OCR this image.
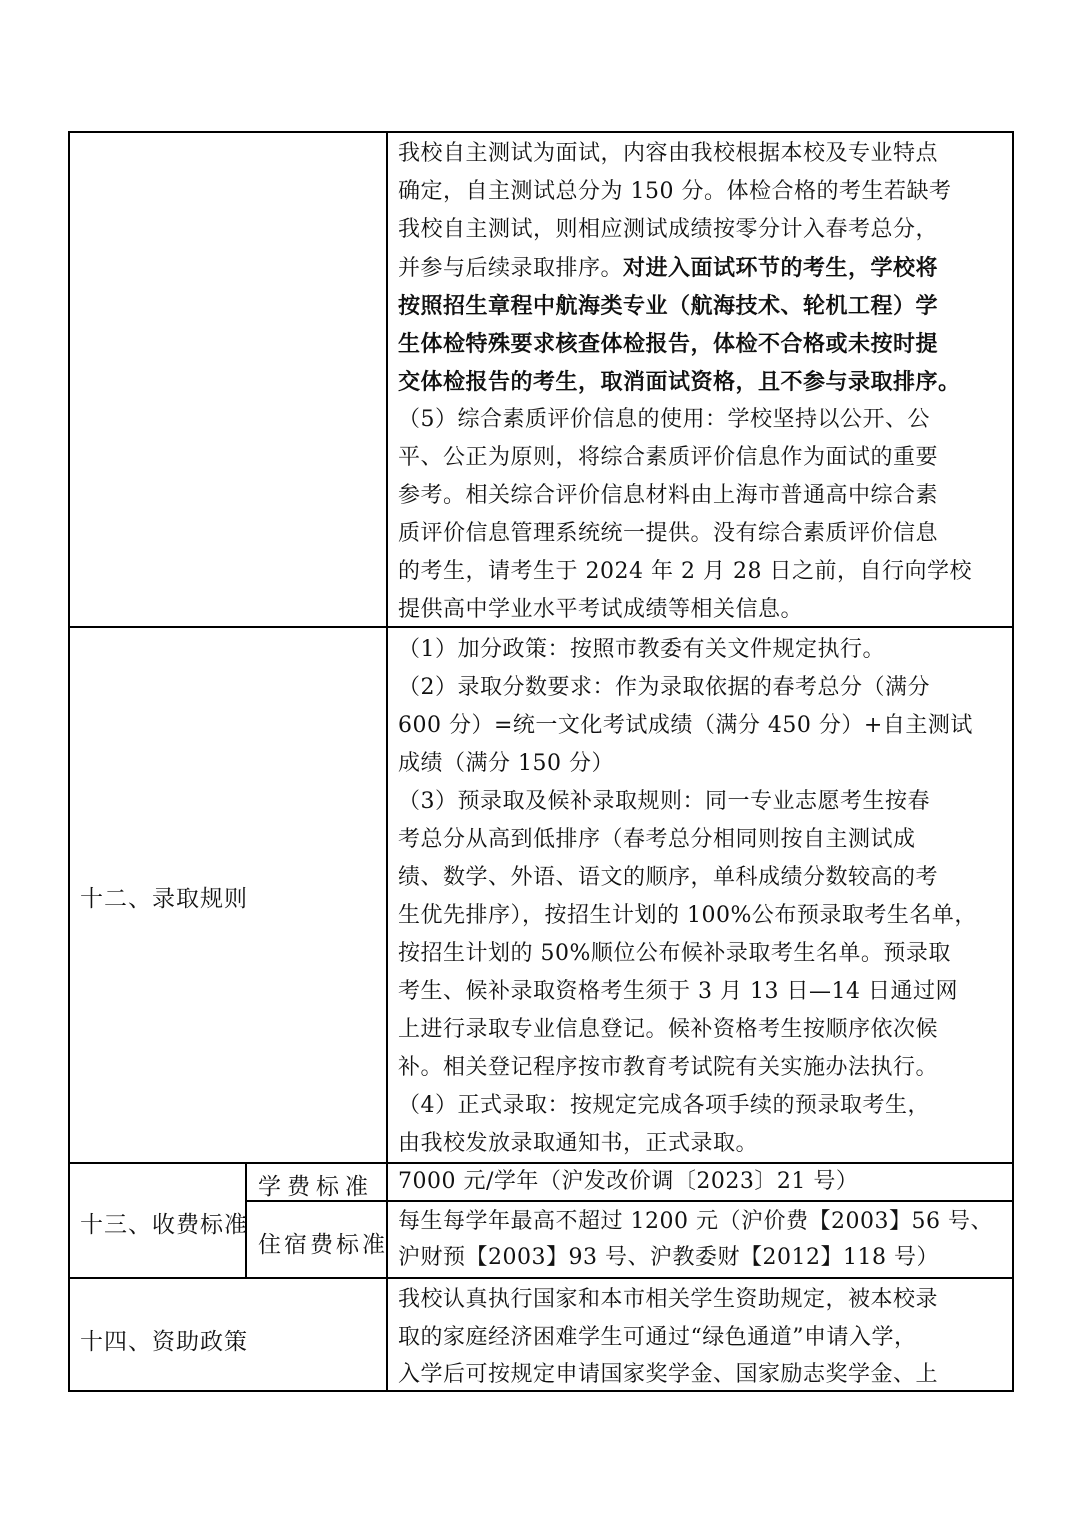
我校自主测试为面试，内容由我校根据本校及专业特点
确定，自主测试总分为 150 分。体检合格的考生若缺考
我校自主测试，则相应测试成绩按零分计入春考总分，
并参与后续录取排序。对进入面试环节的考生，学校将
按照招生章程中航海类专业（航海技术、轮机工程）学
生体检特殊要求核查体检报告，体检不合格或未按时提
交体检报告的考生，取消面试资格，且不参与录取排序。
（5）综合素质评价信息的使用：学校坚持以公开、公
平、公正为原则，将综合素质评价信息作为面试的重要
参考。相关综合评价信息材料由上海市普通高中综合素
质评价信息管理系统统一提供。没有综合素质评价信息
的考生，请考生于 2024 年 2 月 28 日之前，自行向学校
提供高中学业水平考试成绩等相关信息。
十二、录取规则
（1）加分政策：按照市教委有关文件规定执行。
（2）录取分数要求：作为录取依据的春考总分（满分
600 分）=统一文化考试成绩（满分 450 分）+自主测试
成绩（满分 150 分）
（3）预录取及候补录取规则：同一专业志愿考生按春
考总分从高到低排序（春考总分相同则按自主测试成
绩、数学、外语、语文的顺序，单科成绩分数较高的考
生优先排序），按招生计划的 100%公布预录取考生名单，
按招生计划的 50%顺位公布候补录取考生名单。预录取
考生、候补录取资格考生须于 3 月 13 日—14 日通过网
上进行录取专业信息登记。候补资格考生按顺序依次候
补。相关登记程序按市教育考试院有关实施办法执行。
（4）正式录取：按规定完成各项手续的预录取考生，
由我校发放录取通知书，正式录取。
十三、收费标准
学费标准 7000 元/学年（沪发改价调〔2023〕21 号）
住宿费标准
每生每学年最高不超过 1200 元（沪价费【2003】56 号、
沪财预【2003】93 号、沪教委财【2012】118 号）
十四、资助政策
我校认真执行国家和本市相关学生资助规定，被本校录
取的家庭经济困难学生可通过“绿色通道”申请入学，
入学后可按规定申请国家奖学金、国家励志奖学金、上
